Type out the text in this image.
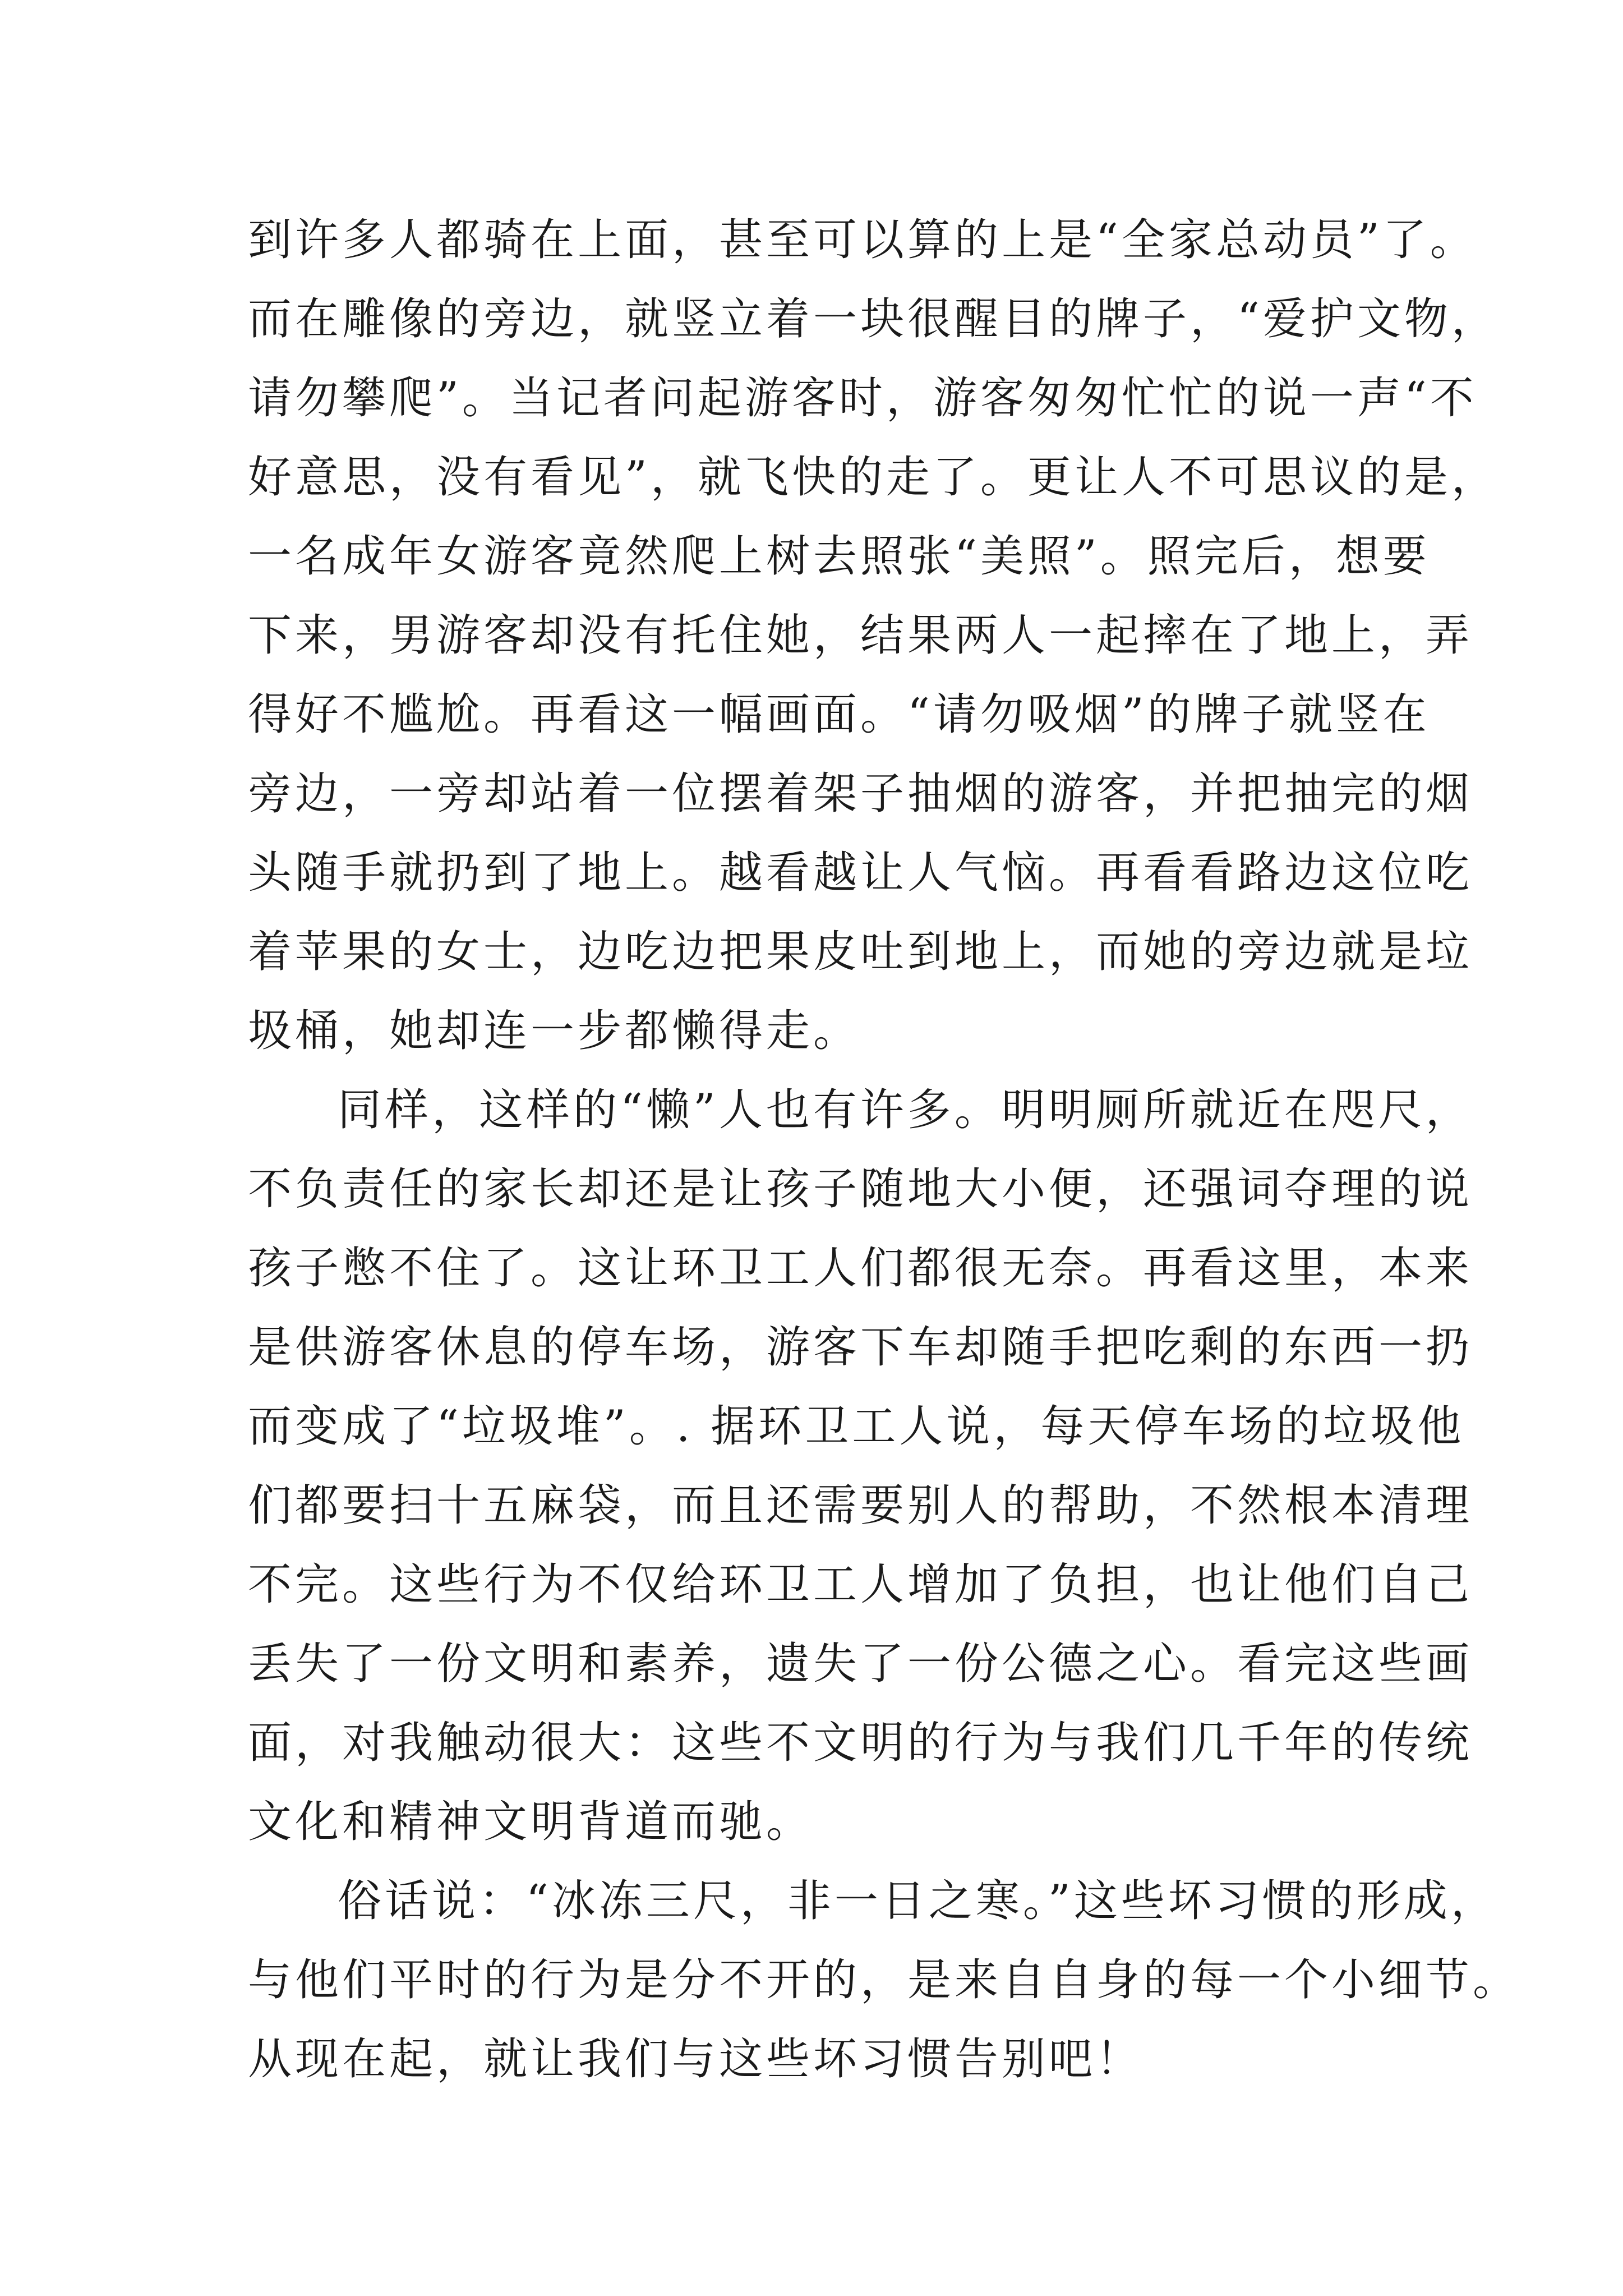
到许多人都骑在上面，甚至可以算的上是“全家总动员”了。
而在雕像的旁边，就竖立着一块很醒目的牌子，“爱护文物，
请勿攀爬”。当记者问起游客时，游客匆匆忙忙的说一声“不
好意思，没有看见”，就飞快的走了。更让人不可思议的是，
一名成年女游客竟然爬上树去照张“美照”。照完后，想要
下来，男游客却没有托住她，结果两人一起摔在了地上，弄
得好不尴尬。再看这一幅画面。“请勿吸烟”的牌子就竖在
旁边，一旁却站着一位摆着架子抽烟的游客，并把抽完的烟
头随手就扔到了地上。越看越让人气恼。再看看路边这位吃
着苹果的女士，边吃边把果皮吐到地上，而她的旁边就是垃
圾桶，她却连一步都懒得走。
同样，这样的“懒”人也有许多。明明厕所就近在咫尺，
不负责任的家长却还是让孩子随地大小便，还强词夺理的说
孩子憋不住了。这让环卫工人们都很无奈。再看这里，本来
是供游客休息的停车场，游客下车却随手把吃剩的东西一扔
而变成了“垃圾堆”。. 据环卫工人说，每天停车场的垃圾他
们都要扫十五麻袋，而且还需要别人的帮助，不然根本清理
不完。这些行为不仅给环卫工人增加了负担，也让他们自己
丢失了一份文明和素养，遗失了一份公德之心。看完这些画
面，对我触动很大：这些不文明的行为与我们几千年的传统
文化和精神文明背道而驰。
俗话说：“冰冻三尺，非一日之寒。”这些坏习惯的形成，
与他们平时的行为是分不开的，是来自自身的每一个小细节。
从现在起，就让我们与这些坏习惯告别吧！
